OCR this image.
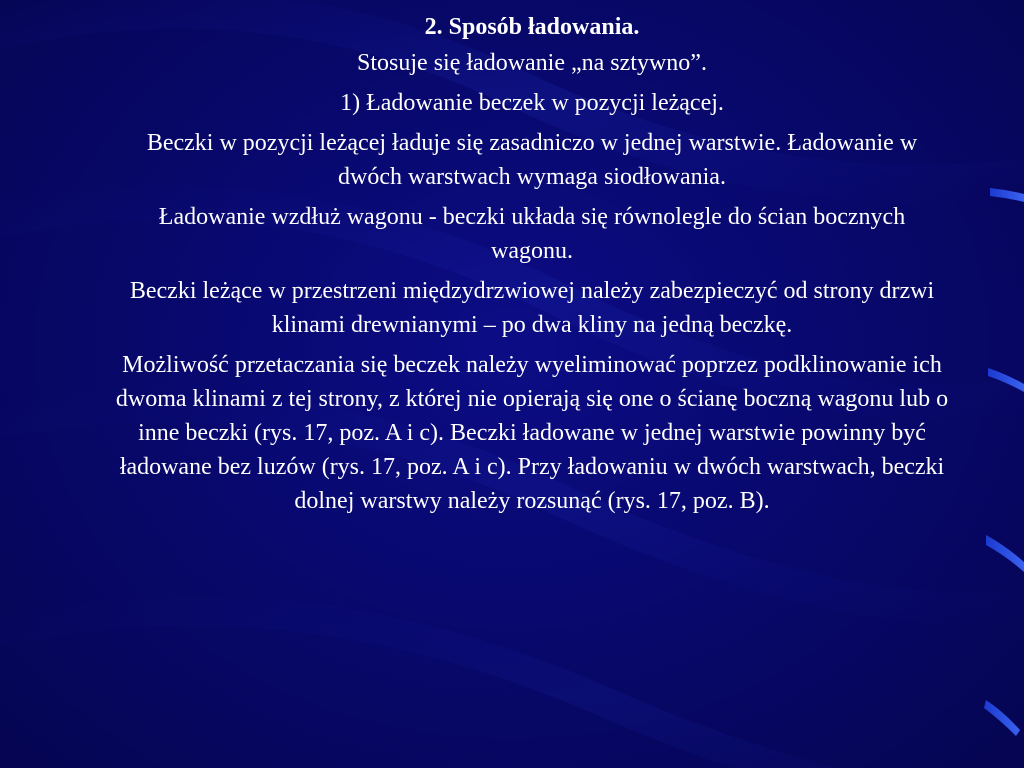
2. Sposób ładowania.

Stosuje się ładowanie „na sztywno”.

1) Ładowanie beczek w pozycji leżącej.

Beczki w pozycji leżącej ładuje się zasadniczo w jednej warstwie. Ładowanie w dwóch warstwach wymaga siodłowania.

Ładowanie wzdłuż wagonu - beczki układa się równolegle do ścian bocznych wagonu.

Beczki leżące w przestrzeni międzydrzwiowej należy zabezpieczyć od strony drzwi klinami drewnianymi – po dwa kliny na jedną beczkę.

Możliwość przetaczania się beczek należy wyeliminować poprzez podklinowanie ich dwoma klinami z tej strony, z której nie opierają się one o ścianę boczną wagonu lub o inne beczki (rys. 17, poz. A i c). Beczki ładowane w jednej warstwie powinny być ładowane bez luzów (rys. 17, poz. A i c). Przy ładowaniu w dwóch warstwach, beczki dolnej warstwy należy rozsunąć (rys. 17, poz. B).
